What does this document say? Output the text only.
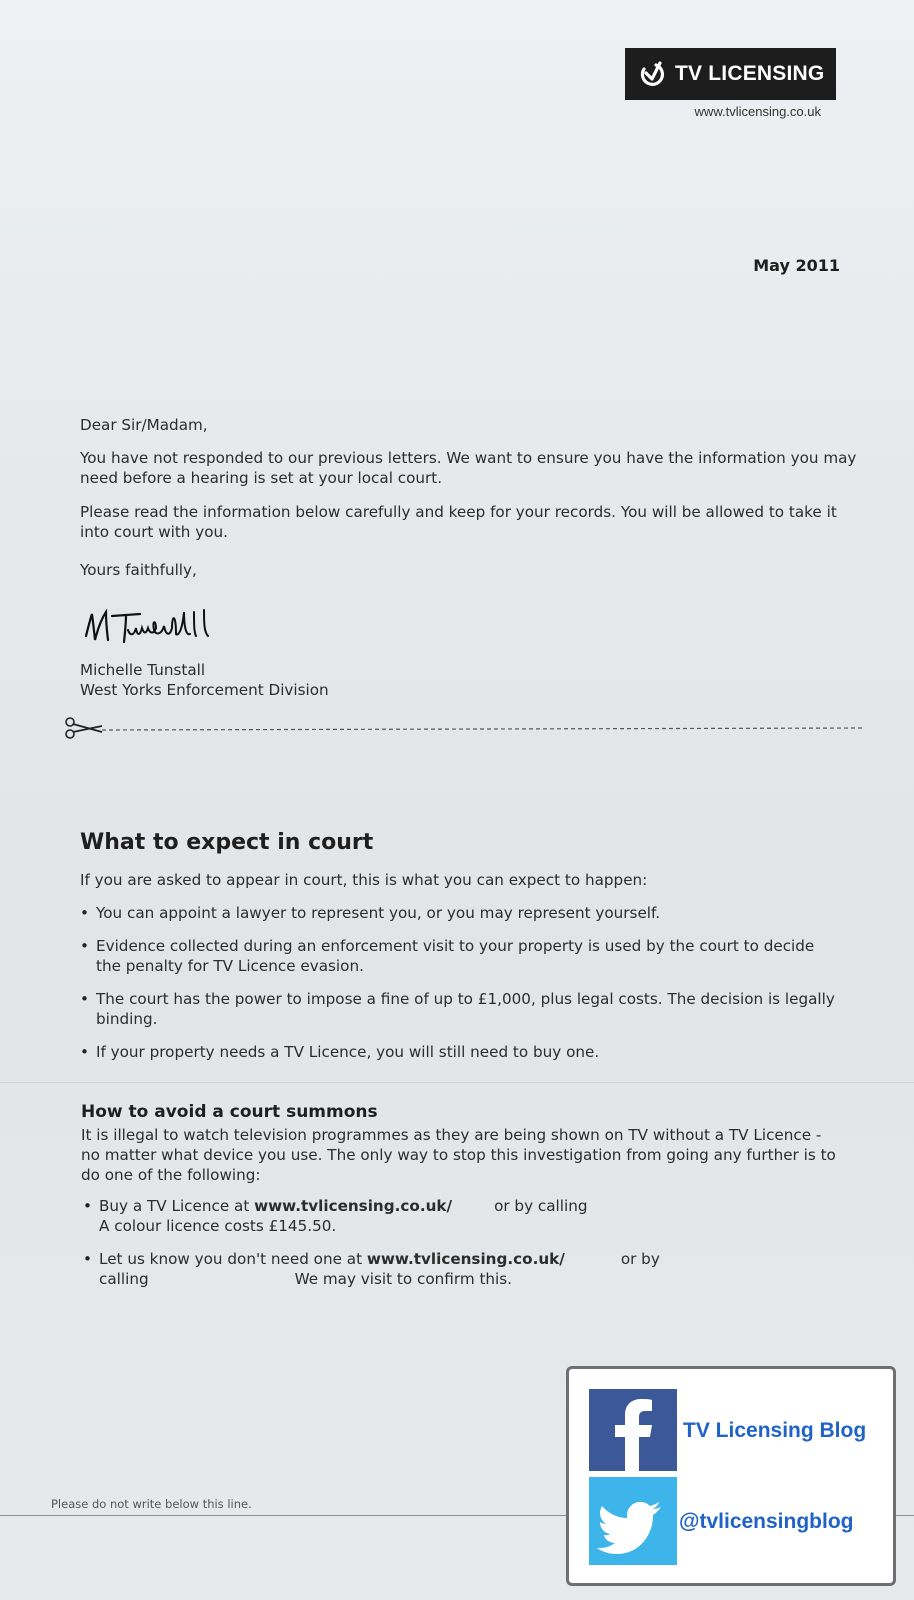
TV LICENSING
www.tvlicensing.co.uk
May 2011
Dear Sir/Madam,
You have not responded to our previous letters. We want to ensure you have the information you may need before a hearing is set at your local court.
Please read the information below carefully and keep for your records. You will be allowed to take it into court with you.
Yours faithfully,
Michelle Tunstall
West Yorks Enforcement Division
What to expect in court
If you are asked to appear in court, this is what you can expect to happen:
• You can appoint a lawyer to represent you, or you may represent yourself.
• Evidence collected during an enforcement visit to your property is used by the court to decide the penalty for TV Licence evasion.
• The court has the power to impose a fine of up to £1,000, plus legal costs. The decision is legally binding.
• If your property needs a TV Licence, you will still need to buy one.
How to avoid a court summons
It is illegal to watch television programmes as they are being shown on TV without a TV Licence - no matter what device you use. The only way to stop this investigation from going any further is to do one of the following:
• Buy a TV Licence at www.tvlicensing.co.uk/	or by calling
A colour licence costs £145.50.
• Let us know you don't need one at www.tvlicensing.co.uk/	or by
calling	We may visit to confirm this.
Please do not write below this line.
TV Licensing Blog
@tvlicensingblog
